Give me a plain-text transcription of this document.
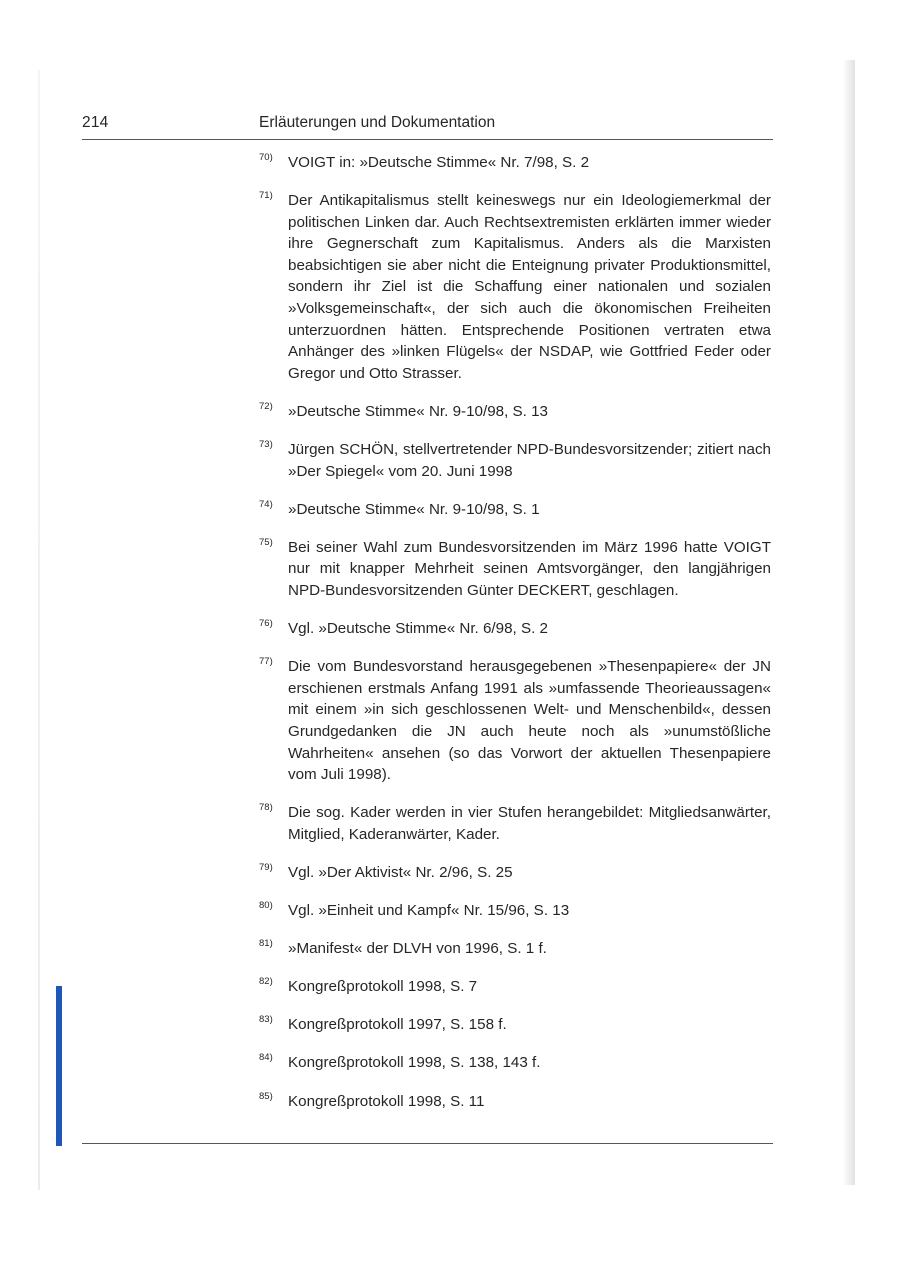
214	Erläuterungen und Dokumentation
70) VOIGT in: »Deutsche Stimme« Nr. 7/98, S. 2
71) Der Antikapitalismus stellt keineswegs nur ein Ideologiemerkmal der politischen Linken dar. Auch Rechtsextremisten erklärten immer wieder ihre Gegnerschaft zum Kapitalismus. Anders als die Marxisten beabsichtigen sie aber nicht die Enteignung privater Produktionsmittel, sondern ihr Ziel ist die Schaffung einer nationalen und sozialen »Volksgemeinschaft«, der sich auch die ökonomischen Freiheiten unterzuordnen hätten. Entsprechende Positionen vertraten etwa Anhänger des »linken Flügels« der NSDAP, wie Gottfried Feder oder Gregor und Otto Strasser.
72) »Deutsche Stimme« Nr. 9-10/98, S. 13
73) Jürgen SCHÖN, stellvertretender NPD-Bundesvorsitzender; zitiert nach »Der Spiegel« vom 20. Juni 1998
74) »Deutsche Stimme« Nr. 9-10/98, S. 1
75) Bei seiner Wahl zum Bundesvorsitzenden im März 1996 hatte VOIGT nur mit knapper Mehrheit seinen Amtsvorgänger, den langjährigen NPD-Bundesvorsitzenden Günter DECKERT, geschlagen.
76) Vgl. »Deutsche Stimme« Nr. 6/98, S. 2
77) Die vom Bundesvorstand herausgegebenen »Thesenpapiere« der JN erschienen erstmals Anfang 1991 als »umfassende Theorieaussagen« mit einem »in sich geschlossenen Welt- und Menschenbild«, dessen Grundgedanken die JN auch heute noch als »unumstößliche Wahrheiten« ansehen (so das Vorwort der aktuellen Thesenpapiere vom Juli 1998).
78) Die sog. Kader werden in vier Stufen herangebildet: Mitgliedsanwärter, Mitglied, Kaderanwärter, Kader.
79) Vgl. »Der Aktivist« Nr. 2/96, S. 25
80) Vgl. »Einheit und Kampf« Nr. 15/96, S. 13
81) »Manifest« der DLVH von 1996, S. 1 f.
82) Kongreßprotokoll 1998, S. 7
83) Kongreßprotokoll 1997, S. 158 f.
84) Kongreßprotokoll 1998, S. 138, 143 f.
85) Kongreßprotokoll 1998, S. 11
